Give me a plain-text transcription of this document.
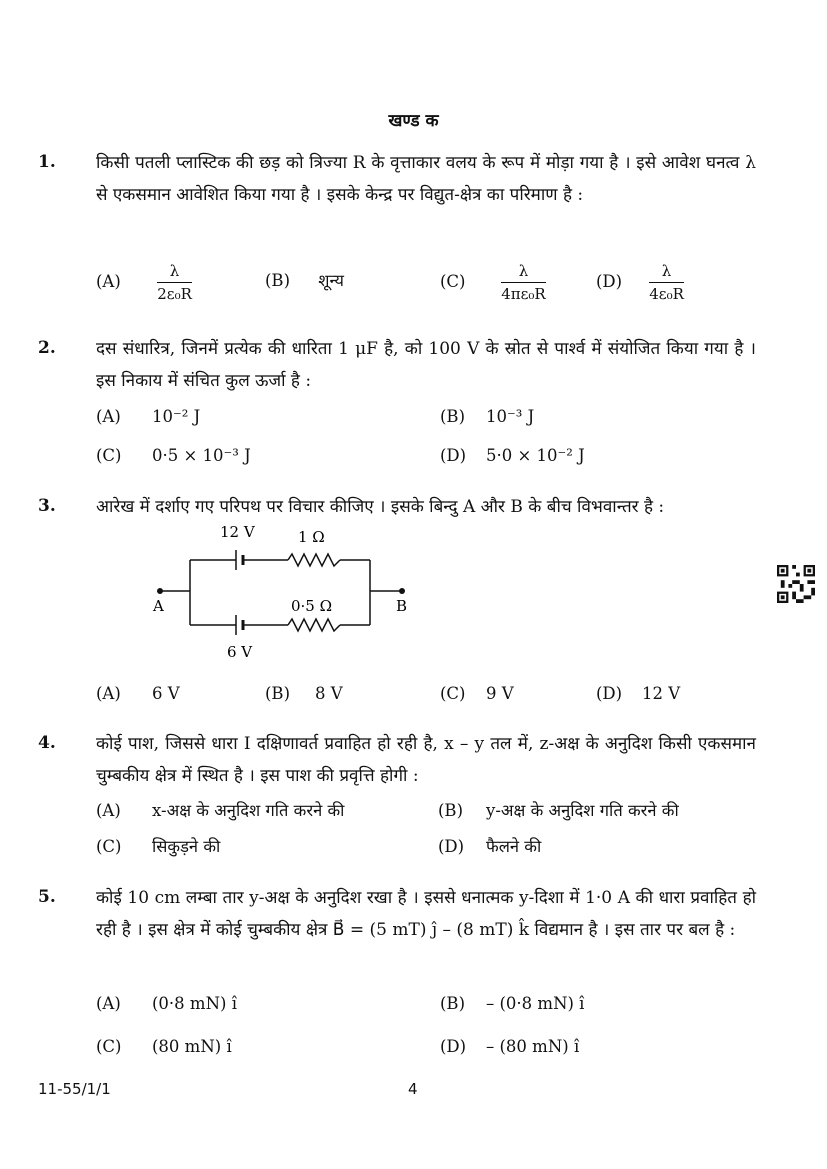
खण्ड क
1. किसी पतली प्लास्टिक की छड़ को त्रिज्या R के वृत्ताकार वलय के रूप में मोड़ा गया है । इसे आवेश घनत्व λ से एकसमान आवेशित किया गया है । इसके केन्द्र पर विद्युत-क्षेत्र का परिमाण है :
$(A) \frac{\lambda}{\text{2ε₀R}}$	(B) शून्य	$(C) \frac{\lambda}{\text{4πε₀R}}$	$(D) \frac{\lambda}{\text{4ε₀R}}$
2. दस संधारित्र, जिनमें प्रत्येक की धारिता 1 μF है, को 100 V के स्रोत से पार्श्व में संयोजित किया गया है । इस निकाय में संचित कुल ऊर्जा है :
(A) 10⁻² J	(B) 10⁻³ J
(C) 0·5 × 10⁻³ J	(D) 5·0 × 10⁻² J
3. आरेख में दर्शाए गए परिपथ पर विचार कीजिए । इसके बिन्दु A और B के बीच विभवान्तर है :
12 V	1 Ω
0·5 Ω
6 V
A	B
(A) 6 V	(B) 8 V	(C) 9 V	(D) 12 V
4. कोई पाश, जिससे धारा I दक्षिणावर्त प्रवाहित हो रही है, x – y तल में, z-अक्ष के अनुदिश किसी एकसमान चुम्बकीय क्षेत्र में स्थित है । इस पाश की प्रवृत्ति होगी :
(A) x-अक्ष के अनुदिश गति करने की	(B) y-अक्ष के अनुदिश गति करने की
(C) सिकुड़ने की	(D) फैलने की
5. कोई 10 cm लम्बा तार y-अक्ष के अनुदिश रखा है । इससे धनात्मक y-दिशा में 1·0 A की धारा प्रवाहित हो रही है । इस क्षेत्र में कोई चुम्बकीय क्षेत्र B⃗ = (5 mT) ĵ – (8 mT) k̂ विद्यमान है । इस तार पर बल है :
(A) (0·8 mN) î	(B) – (0·8 mN) î
(C) (80 mN) î	(D) – (80 mN) î
11-55/1/1	4
